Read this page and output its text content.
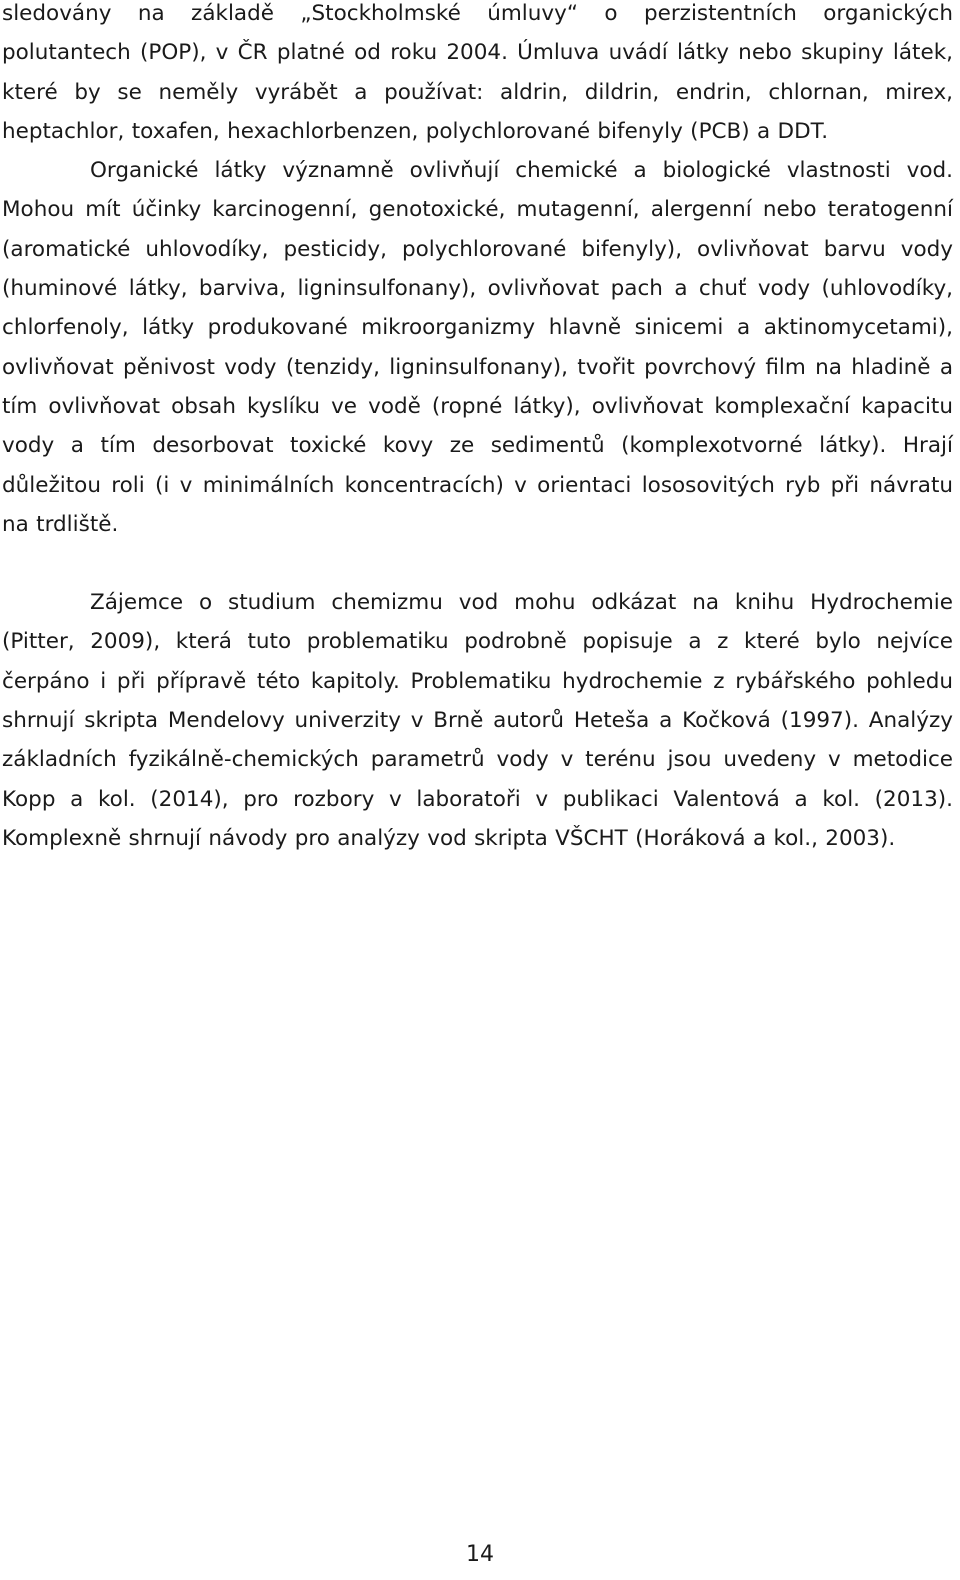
sledovány na základě „Stockholmské úmluvy“ o perzistentních organických polutantech (POP), v ČR platné od roku 2004. Úmluva uvádí látky nebo skupiny látek, které by se neměly vyrábět a používat: aldrin, dildrin, endrin, chlornan, mirex, heptachlor, toxafen, hexachlorbenzen, polychlorované bifenyly (PCB) a DDT.

Organické látky významně ovlivňují chemické a biologické vlastnosti vod. Mohou mít účinky karcinogenní, genotoxické, mutagenní, alergenní nebo teratogenní (aromatické uhlovodíky, pesticidy, polychlorované bifenyly), ovlivňovat barvu vody (huminové látky, barviva, ligninsulfonany), ovlivňovat pach a chuť vody (uhlovodíky, chlorfenoly, látky produkované mikroorganizmy hlavně sinicemi a aktinomycetami), ovlivňovat pěnivost vody (tenzidy, ligninsulfonany), tvořit povrchový film na hladině a tím ovlivňovat obsah kyslíku ve vodě (ropné látky), ovlivňovat komplexační kapacitu vody a tím desorbovat toxické kovy ze sedimentů (komplexotvorné látky). Hrají důležitou roli (i v minimálních koncentracích) v orientaci lososovitých ryb při návratu na trdliště.

Zájemce o studium chemizmu vod mohu odkázat na knihu Hydrochemie (Pitter, 2009), která tuto problematiku podrobně popisuje a z které bylo nejvíce čerpáno i při přípravě této kapitoly. Problematiku hydrochemie z rybářského pohledu shrnují skripta Mendelovy univerzity v Brně autorů Heteša a Kočková (1997). Analýzy základních fyzikálně-chemických parametrů vody v terénu jsou uvedeny v metodice Kopp a kol. (2014), pro rozbory v laboratoři v publikaci Valentová a kol. (2013). Komplexně shrnují návody pro analýzy vod skripta VŠCHT (Horáková a kol., 2003).

14
